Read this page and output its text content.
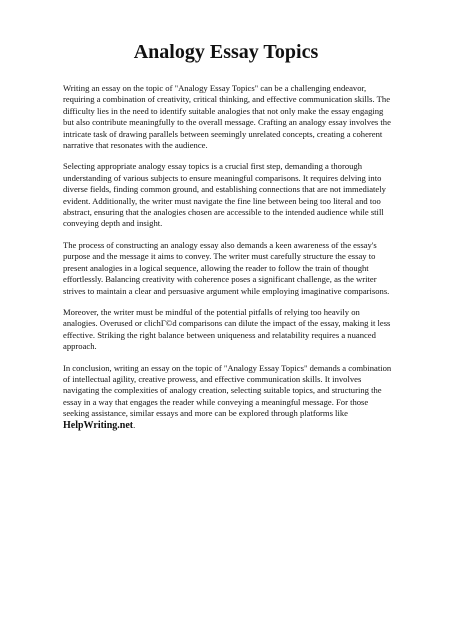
Analogy Essay Topics

Writing an essay on the topic of "Analogy Essay Topics" can be a challenging endeavor, requiring a combination of creativity, critical thinking, and effective communication skills. The difficulty lies in the need to identify suitable analogies that not only make the essay engaging but also contribute meaningfully to the overall message. Crafting an analogy essay involves the intricate task of drawing parallels between seemingly unrelated concepts, creating a coherent narrative that resonates with the audience.

Selecting appropriate analogy essay topics is a crucial first step, demanding a thorough understanding of various subjects to ensure meaningful comparisons. It requires delving into diverse fields, finding common ground, and establishing connections that are not immediately evident. Additionally, the writer must navigate the fine line between being too literal and too abstract, ensuring that the analogies chosen are accessible to the intended audience while still conveying depth and insight.

The process of constructing an analogy essay also demands a keen awareness of the essay's purpose and the message it aims to convey. The writer must carefully structure the essay to present analogies in a logical sequence, allowing the reader to follow the train of thought effortlessly. Balancing creativity with coherence poses a significant challenge, as the writer strives to maintain a clear and persuasive argument while employing imaginative comparisons.

Moreover, the writer must be mindful of the potential pitfalls of relying too heavily on analogies. Overused or clichГ©d comparisons can dilute the impact of the essay, making it less effective. Striking the right balance between uniqueness and relatability requires a nuanced approach.

In conclusion, writing an essay on the topic of "Analogy Essay Topics" demands a combination of intellectual agility, creative prowess, and effective communication skills. It involves navigating the complexities of analogy creation, selecting suitable topics, and structuring the essay in a way that engages the reader while conveying a meaningful message. For those seeking assistance, similar essays and more can be explored through platforms like HelpWriting.net.
